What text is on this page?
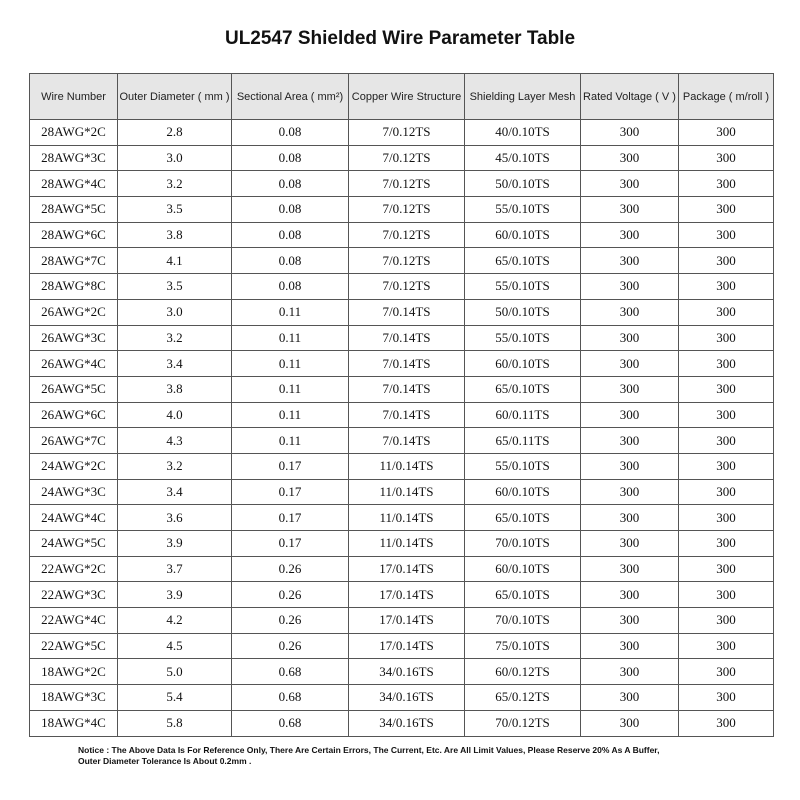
UL2547 Shielded Wire Parameter Table
Wire Number	Outer Diameter ( mm )	Sectional Area ( mm²)	Copper Wire Structure	Shielding Layer Mesh	Rated Voltage ( V )	Package ( m/roll )
28AWG*2C	2.8	0.08	7/0.12TS	40/0.10TS	300	300
28AWG*3C	3.0	0.08	7/0.12TS	45/0.10TS	300	300
28AWG*4C	3.2	0.08	7/0.12TS	50/0.10TS	300	300
28AWG*5C	3.5	0.08	7/0.12TS	55/0.10TS	300	300
28AWG*6C	3.8	0.08	7/0.12TS	60/0.10TS	300	300
28AWG*7C	4.1	0.08	7/0.12TS	65/0.10TS	300	300
28AWG*8C	3.5	0.08	7/0.12TS	55/0.10TS	300	300
26AWG*2C	3.0	0.11	7/0.14TS	50/0.10TS	300	300
26AWG*3C	3.2	0.11	7/0.14TS	55/0.10TS	300	300
26AWG*4C	3.4	0.11	7/0.14TS	60/0.10TS	300	300
26AWG*5C	3.8	0.11	7/0.14TS	65/0.10TS	300	300
26AWG*6C	4.0	0.11	7/0.14TS	60/0.11TS	300	300
26AWG*7C	4.3	0.11	7/0.14TS	65/0.11TS	300	300
24AWG*2C	3.2	0.17	11/0.14TS	55/0.10TS	300	300
24AWG*3C	3.4	0.17	11/0.14TS	60/0.10TS	300	300
24AWG*4C	3.6	0.17	11/0.14TS	65/0.10TS	300	300
24AWG*5C	3.9	0.17	11/0.14TS	70/0.10TS	300	300
22AWG*2C	3.7	0.26	17/0.14TS	60/0.10TS	300	300
22AWG*3C	3.9	0.26	17/0.14TS	65/0.10TS	300	300
22AWG*4C	4.2	0.26	17/0.14TS	70/0.10TS	300	300
22AWG*5C	4.5	0.26	17/0.14TS	75/0.10TS	300	300
18AWG*2C	5.0	0.68	34/0.16TS	60/0.12TS	300	300
18AWG*3C	5.4	0.68	34/0.16TS	65/0.12TS	300	300
18AWG*4C	5.8	0.68	34/0.16TS	70/0.12TS	300	300
Notice : The Above Data Is For Reference Only, There Are Certain Errors, The Current, Etc. Are All Limit Values, Please Reserve 20% As A Buffer,
Outer Diameter Tolerance Is About 0.2mm .
